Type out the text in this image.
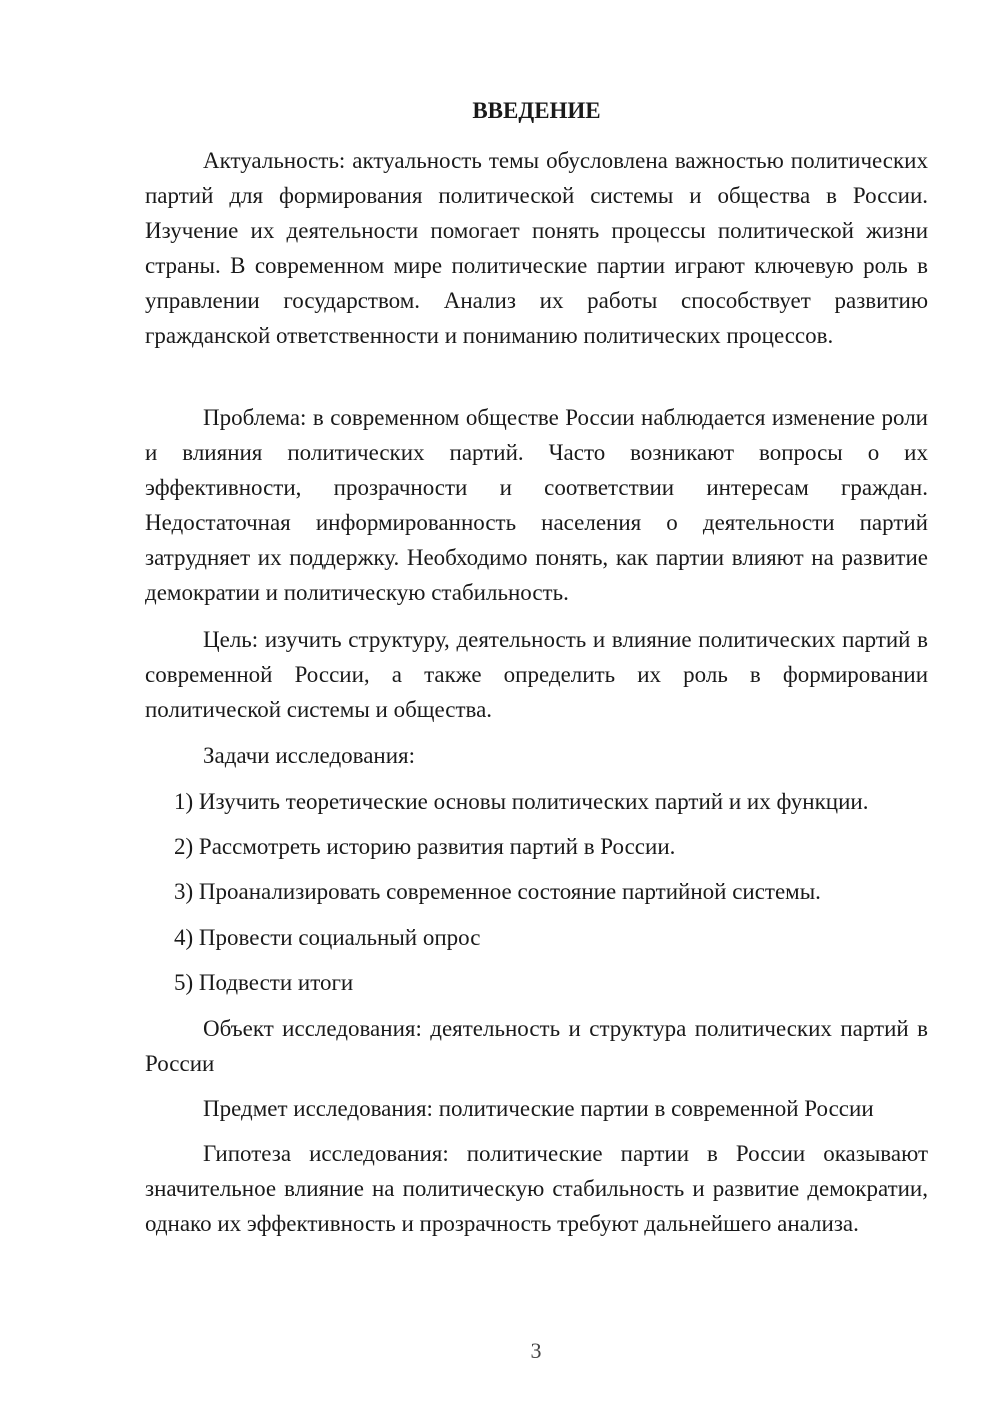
ВВЕДЕНИЕ

Актуальность: актуальность темы обусловлена важностью политических партий для формирования политической системы и общества в России. Изучение их деятельности помогает понять процессы политической жизни страны. В современном мире политические партии играют ключевую роль в управлении государством. Анализ их работы способствует развитию гражданской ответственности и пониманию политических процессов.

Проблема: в современном обществе России наблюдается изменение роли и влияния политических партий. Часто возникают вопросы о их эффективности, прозрачности и соответствии интересам граждан. Недостаточная информированность населения о деятельности партий затрудняет их поддержку. Необходимо понять, как партии влияют на развитие демократии и политическую стабильность.

Цель: изучить структуру, деятельность и влияние политических партий в современной России, а также определить их роль в формировании политической системы и общества.

Задачи исследования:

1) Изучить теоретические основы политических партий и их функции.

2) Рассмотреть историю развития партий в России.

3) Проанализировать современное состояние партийной системы.

4) Провести социальный опрос

5) Подвести итоги

Объект исследования: деятельность и структура политических партий в России

Предмет исследования: политические партии в современной России

Гипотеза исследования: политические партии в России оказывают значительное влияние на политическую стабильность и развитие демократии, однако их эффективность и прозрачность требуют дальнейшего анализа.

3
